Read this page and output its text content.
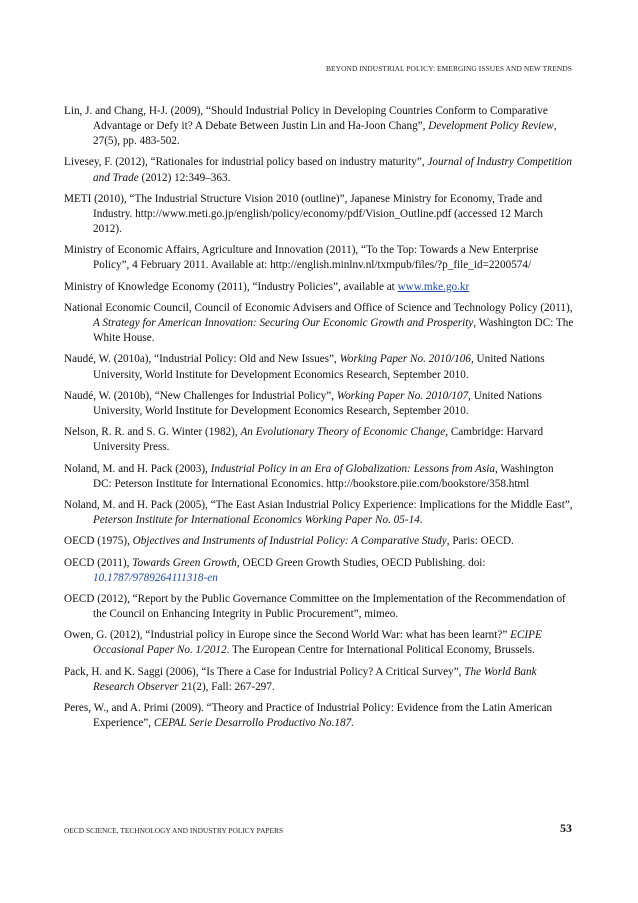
BEYOND INDUSTRIAL POLICY: EMERGING ISSUES AND NEW TRENDS

Lin, J. and Chang, H-J. (2009), “Should Industrial Policy in Developing Countries Conform to Comparative Advantage or Defy it? A Debate Between Justin Lin and Ha-Joon Chang”, Development Policy Review, 27(5), pp. 483-502.

Livesey, F. (2012), “Rationales for industrial policy based on industry maturity”, Journal of Industry Competition and Trade (2012) 12:349–363.

METI (2010), “The Industrial Structure Vision 2010 (outline)”, Japanese Ministry for Economy, Trade and Industry. http://www.meti.go.jp/english/policy/economy/pdf/Vision_Outline.pdf (accessed 12 March 2012).

Ministry of Economic Affairs, Agriculture and Innovation (2011), “To the Top: Towards a New Enterprise Policy”, 4 February 2011. Available at: http://english.minlnv.nl/txmpub/files/?p_file_id=2200574/

Ministry of Knowledge Economy (2011), “Industry Policies”, available at www.mke.go.kr

National Economic Council, Council of Economic Advisers and Office of Science and Technology Policy (2011), A Strategy for American Innovation: Securing Our Economic Growth and Prosperity, Washington DC: The White House.

Naudé, W. (2010a), “Industrial Policy: Old and New Issues”, Working Paper No. 2010/106, United Nations University, World Institute for Development Economics Research, September 2010.

Naudé, W. (2010b), “New Challenges for Industrial Policy”, Working Paper No. 2010/107, United Nations University, World Institute for Development Economics Research, September 2010.

Nelson, R. R. and S. G. Winter (1982), An Evolutionary Theory of Economic Change, Cambridge: Harvard University Press.

Noland, M. and H. Pack (2003), Industrial Policy in an Era of Globalization: Lessons from Asia, Washington DC: Peterson Institute for International Economics. http://bookstore.piie.com/bookstore/358.html

Noland, M. and H. Pack (2005), “The East Asian Industrial Policy Experience: Implications for the Middle East”, Peterson Institute for International Economics Working Paper No. 05-14.

OECD (1975), Objectives and Instruments of Industrial Policy: A Comparative Study, Paris: OECD.

OECD (2011), Towards Green Growth, OECD Green Growth Studies, OECD Publishing. doi: 10.1787/9789264111318-en

OECD (2012), “Report by the Public Governance Committee on the Implementation of the Recommendation of the Council on Enhancing Integrity in Public Procurement”, mimeo.

Owen, G. (2012), “Industrial policy in Europe since the Second World War: what has been learnt?” ECIPE Occasional Paper No. 1/2012. The European Centre for International Political Economy, Brussels.

Pack, H. and K. Saggi (2006), “Is There a Case for Industrial Policy? A Critical Survey”, The World Bank Research Observer 21(2), Fall: 267-297.

Peres, W., and A. Primi (2009). “Theory and Practice of Industrial Policy: Evidence from the Latin American Experience”, CEPAL Serie Desarrollo Productivo No.187.

OECD SCIENCE, TECHNOLOGY AND INDUSTRY POLICY PAPERS	53
